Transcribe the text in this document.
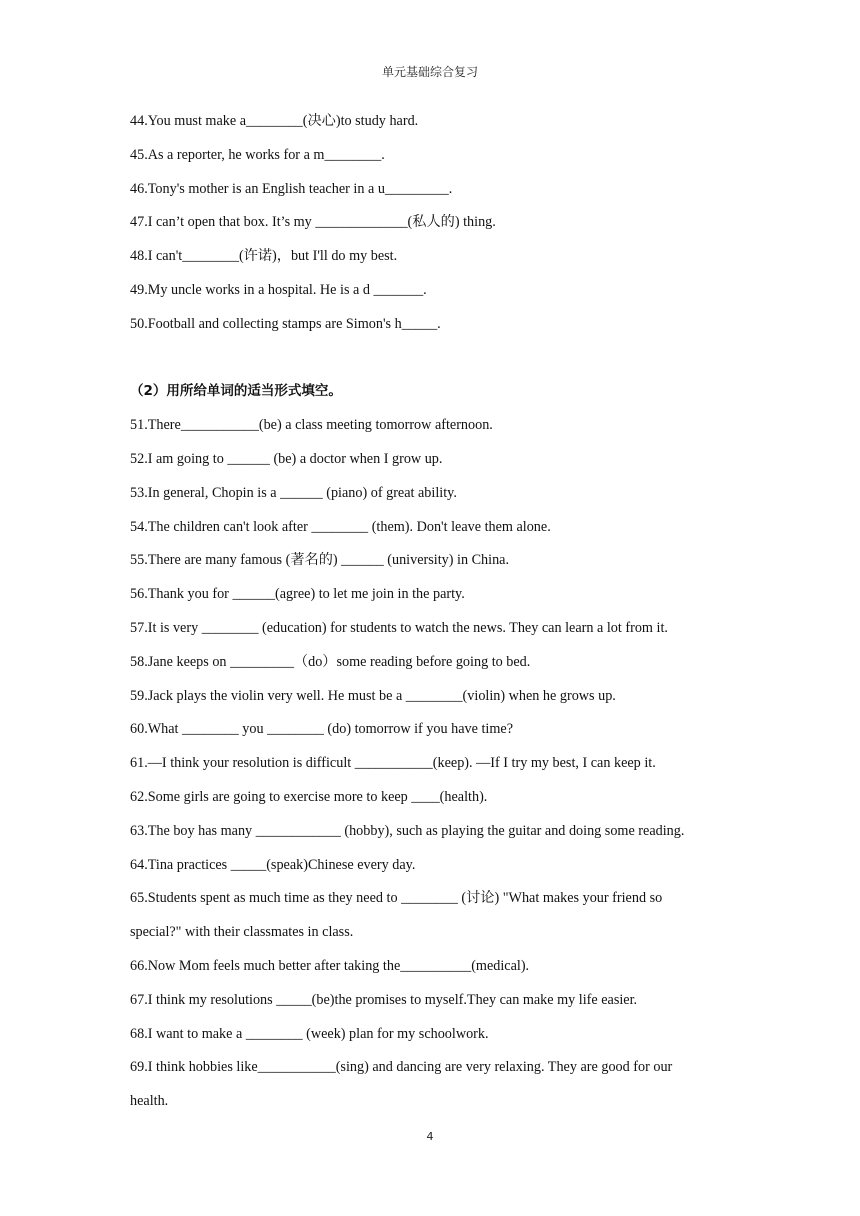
单元基础综合复习
44.You must make a________(决心)to study hard.
45.As a reporter, he works for a m________.
46.Tony's mother is an English teacher in a u_________.
47.I can’t open that box. It’s my _____________(私人的) thing.
48.I can't________(许诺)，but I'll do my best.
49.My uncle works in a hospital. He is a d _______.
50.Football and collecting stamps are Simon's h_____.
（2）用所给单词的适当形式填空。
51.There___________(be) a class meeting tomorrow afternoon.
52.I am going to ______ (be) a doctor when I grow up.
53.In general, Chopin is a ______ (piano) of great ability.
54.The children can't look after ________ (them). Don't leave them alone.
55.There are many famous (著名的) ______ (university) in China.
56.Thank you for ______(agree) to let me join in the party.
57.It is very ________ (education) for students to watch the news. They can learn a lot from it.
58.Jane keeps on _________（do）some reading before going to bed.
59.Jack plays the violin very well. He must be a ________(violin) when he grows up.
60.What ________ you ________ (do) tomorrow if you have time?
61.—I think your resolution is difficult ___________(keep). —If I try my best, I can keep it.
62.Some girls are going to exercise more to keep ____(health).
63.The boy has many ____________ (hobby), such as playing the guitar and doing some reading.
64.Tina practices _____(speak)Chinese every day.
65.Students spent as much time as they need to ________ (讨论) "What makes your friend so
special?" with their classmates in class.
66.Now Mom feels much better after taking the__________(medical).
67.I think my resolutions _____(be)the promises to myself.They can make my life easier.
68.I want to make a ________ (week) plan for my schoolwork.
69.I think hobbies like___________(sing) and dancing are very relaxing. They are good for our
health.
4
